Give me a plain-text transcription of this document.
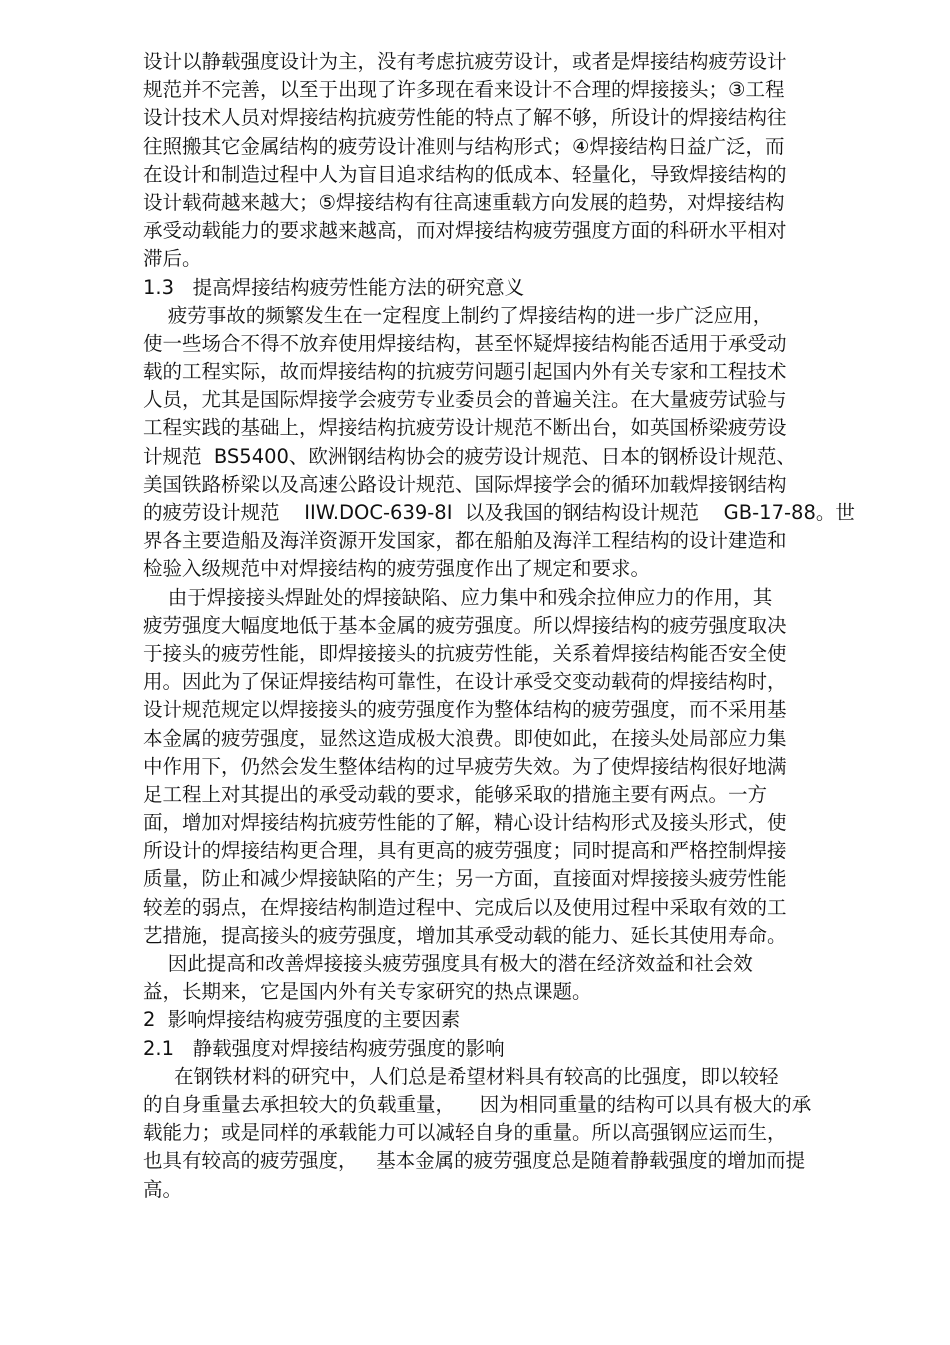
设计以静载强度设计为主，没有考虑抗疲劳设计，或者是焊接结构疲劳设计
规范并不完善，以至于出现了许多现在看来设计不合理的焊接接头；③工程
设计技术人员对焊接结构抗疲劳性能的特点了解不够，所设计的焊接结构往
往照搬其它金属结构的疲劳设计准则与结构形式；④焊接结构日益广泛，而
在设计和制造过程中人为盲目追求结构的低成本、轻量化，导致焊接结构的
设计载荷越来越大；⑤焊接结构有往高速重载方向发展的趋势，对焊接结构
承受动载能力的要求越来越高，而对焊接结构疲劳强度方面的科研水平相对
滞后。
1.3   提高焊接结构疲劳性能方法的研究意义
疲劳事故的频繁发生在一定程度上制约了焊接结构的进一步广泛应用，
使一些场合不得不放弃使用焊接结构，甚至怀疑焊接结构能否适用于承受动
载的工程实际，故而焊接结构的抗疲劳问题引起国内外有关专家和工程技术
人员，尤其是国际焊接学会疲劳专业委员会的普遍关注。在大量疲劳试验与
工程实践的基础上，焊接结构抗疲劳设计规范不断出台，如英国桥梁疲劳设
计规范  BS5400、欧洲钢结构协会的疲劳设计规范、日本的钢桥设计规范、
美国铁路桥梁以及高速公路设计规范、国际焊接学会的循环加载焊接钢结构
的疲劳设计规范    IIW.DOC-639-8I  以及我国的钢结构设计规范    GB-17-88。世
界各主要造船及海洋资源开发国家，都在船舶及海洋工程结构的设计建造和
检验入级规范中对焊接结构的疲劳强度作出了规定和要求。
由于焊接接头焊趾处的焊接缺陷、应力集中和残余拉伸应力的作用，其
疲劳强度大幅度地低于基本金属的疲劳强度。所以焊接结构的疲劳强度取决
于接头的疲劳性能，即焊接接头的抗疲劳性能，关系着焊接结构能否安全使
用。因此为了保证焊接结构可靠性，在设计承受交变动载荷的焊接结构时，
设计规范规定以焊接接头的疲劳强度作为整体结构的疲劳强度，而不采用基
本金属的疲劳强度，显然这造成极大浪费。即使如此，在接头处局部应力集
中作用下，仍然会发生整体结构的过早疲劳失效。为了使焊接结构很好地满
足工程上对其提出的承受动载的要求，能够采取的措施主要有两点。一方
面，增加对焊接结构抗疲劳性能的了解，精心设计结构形式及接头形式，使
所设计的焊接结构更合理，具有更高的疲劳强度；同时提高和严格控制焊接
质量，防止和减少焊接缺陷的产生；另一方面，直接面对焊接接头疲劳性能
较差的弱点，在焊接结构制造过程中、完成后以及使用过程中采取有效的工
艺措施，提高接头的疲劳强度，增加其承受动载的能力、延长其使用寿命。
因此提高和改善焊接接头疲劳强度具有极大的潜在经济效益和社会效
益，长期来，它是国内外有关专家研究的热点课题。
2  影响焊接结构疲劳强度的主要因素
2.1   静载强度对焊接结构疲劳强度的影响
在钢铁材料的研究中，人们总是希望材料具有较高的比强度，即以较轻
的自身重量去承担较大的负载重量，    因为相同重量的结构可以具有极大的承
载能力；或是同样的承载能力可以减轻自身的重量。所以高强钢应运而生，
也具有较高的疲劳强度，   基本金属的疲劳强度总是随着静载强度的增加而提
高。
